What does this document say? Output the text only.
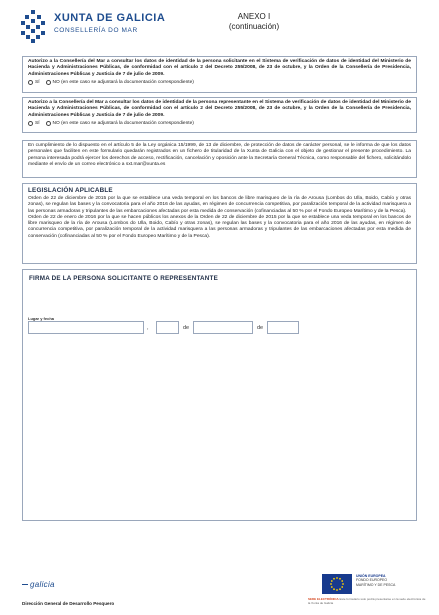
XUNTA DE GALICIA
CONSELLERÍA DO MAR
ANEXO I
(continuación)
Autorizo a la Consellería del Mar a consultar los datos de identidad de la persona solicitante en el Sistema de verificación de datos de identidad del Ministerio de Hacienda y Administraciones Públicas, de conformidad con el artículo 2 del Decreto 255/2008, de 23 de octubre, y la Orden de la Consellería de Presidencia, Administraciones Públicas y Justicia de 7 de julio de 2009.
SÍ	NO (en este caso se adjuntará la documentación correspondiente)
Autorizo a la Consellería del Mar a consultar los datos de identidad de la persona representante en el Sistema de verificación de datos de identidad del Ministerio de Hacienda y Administraciones Públicas, de conformidad con el artículo 2 del Decreto 255/2008, de 23 de octubre, y la Orden de la Consellería de Presidencia, Administraciones Públicas y Justicia de 7 de julio de 2009.
SÍ	NO (en este caso se adjuntará la documentación correspondiente)
En cumplimiento de lo dispuesto en el artículo 5 de la Ley orgánica 15/1999, de 13 de diciembre, de protección de datos de carácter personal, se le informa de que los datos personales que faciliten en este formulario quedarán registrados en un fichero de titularidad de la Xunta de Galicia con el objeto de gestionar el presente procedimiento. La persona interesada podrá ejercer los derechos de acceso, rectificación, cancelación y oposición ante la Secretaría General Técnica, como responsable del fichero, solicitándolo mediante el envío de un correo electrónico a sxt.mar@xunta.es
LEGISLACIÓN APLICABLE
Orden de 22 de diciembre de 2015 por la que se establece una veda temporal en los bancos de libre marisqueo de la ría de Arousa (Lombos do Ulla, Boido, Cabío y otras zonas), se regulan las bases y la convocatoria para el año 2016 de las ayudas, en régimen de concurrencia competitiva, por paralización temporal de la actividad marisquera a las personas armadoras y tripulantes de las embarcaciones afectadas por esta medida de conservación (cofinanciadas al 50 % por el Fondo Europeo Marítimo y de la Pesca).
Orden de 22 de enero de 2016 por la que se hacen públicos los anexos de la Orden de 22 de diciembre de 2015 por la que se establece una veda temporal en los bancos de libre marisqueo de la ría de Arousa (Lombos do Ulla, Boido, Cabío y otras zonas), se regulan las bases y la convocatoria para el año 2016 de las ayudas, en régimen de concurrencia competitiva, por paralización temporal de la actividad marisquera a las personas armadoras y tripulantes de las embarcaciones afectadas por esta medida de conservación (cofinanciadas al 50 % por el Fondo Europeo Marítimo y de la Pesca).
FIRMA DE LA PERSONA SOLICITANTE O REPRESENTANTE
Lugar y fecha
,	de	de
galicia
Dirección General de Desarrollo Pesquero
UNIÓN EUROPEA
FONDO EUROPEO
MARÍTIMO Y DE PESCA
SEDE ELECTRÓNICA Este formulario solo podrá presentarse en la sede electrónica de la Xunta de Galicia
